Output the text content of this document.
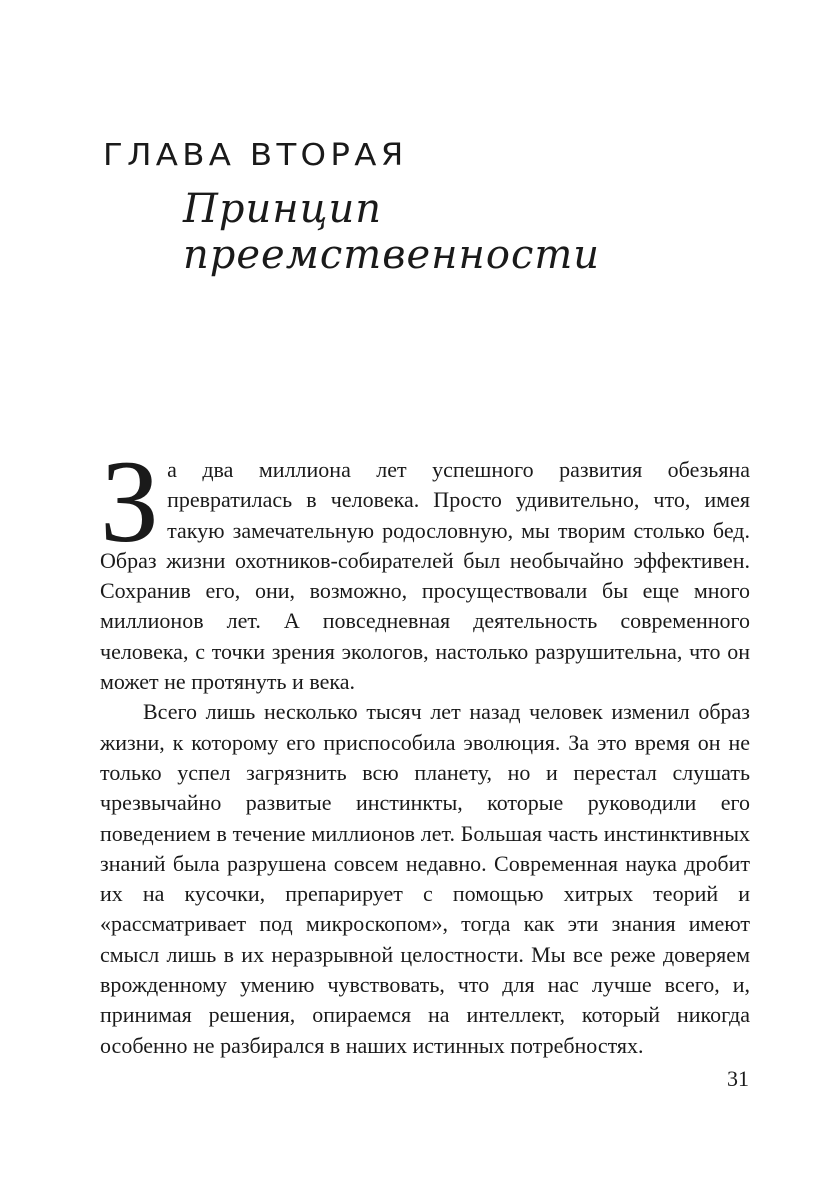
ГЛАВА ВТОРАЯ
Принцип
преемственности

За два миллиона лет успешного развития обезьяна превратилась в человека. Просто удивительно, что, имея такую замечательную родословную, мы творим столько бед. Образ жизни охотников-собирателей был необычайно эффективен. Сохранив его, они, возможно, просуществовали бы еще много миллионов лет. А повседневная деятельность современного человека, с точки зрения экологов, настолько разрушительна, что он может не протянуть и века.

Всего лишь несколько тысяч лет назад человек изменил образ жизни, к которому его приспособила эволюция. За это время он не только успел загрязнить всю планету, но и перестал слушать чрезвычайно развитые инстинкты, которые руководили его поведением в течение миллионов лет. Большая часть инстинктивных знаний была разрушена совсем недавно. Современная наука дробит их на кусочки, препарирует с помощью хитрых теорий и «рассматривает под микроскопом», тогда как эти знания имеют смысл лишь в их неразрывной целостности. Мы все реже доверяем врожденному умению чувствовать, что для нас лучше всего, и, принимая решения, опираемся на интеллект, который никогда особенно не разбирался в наших истинных потребностях.

31
